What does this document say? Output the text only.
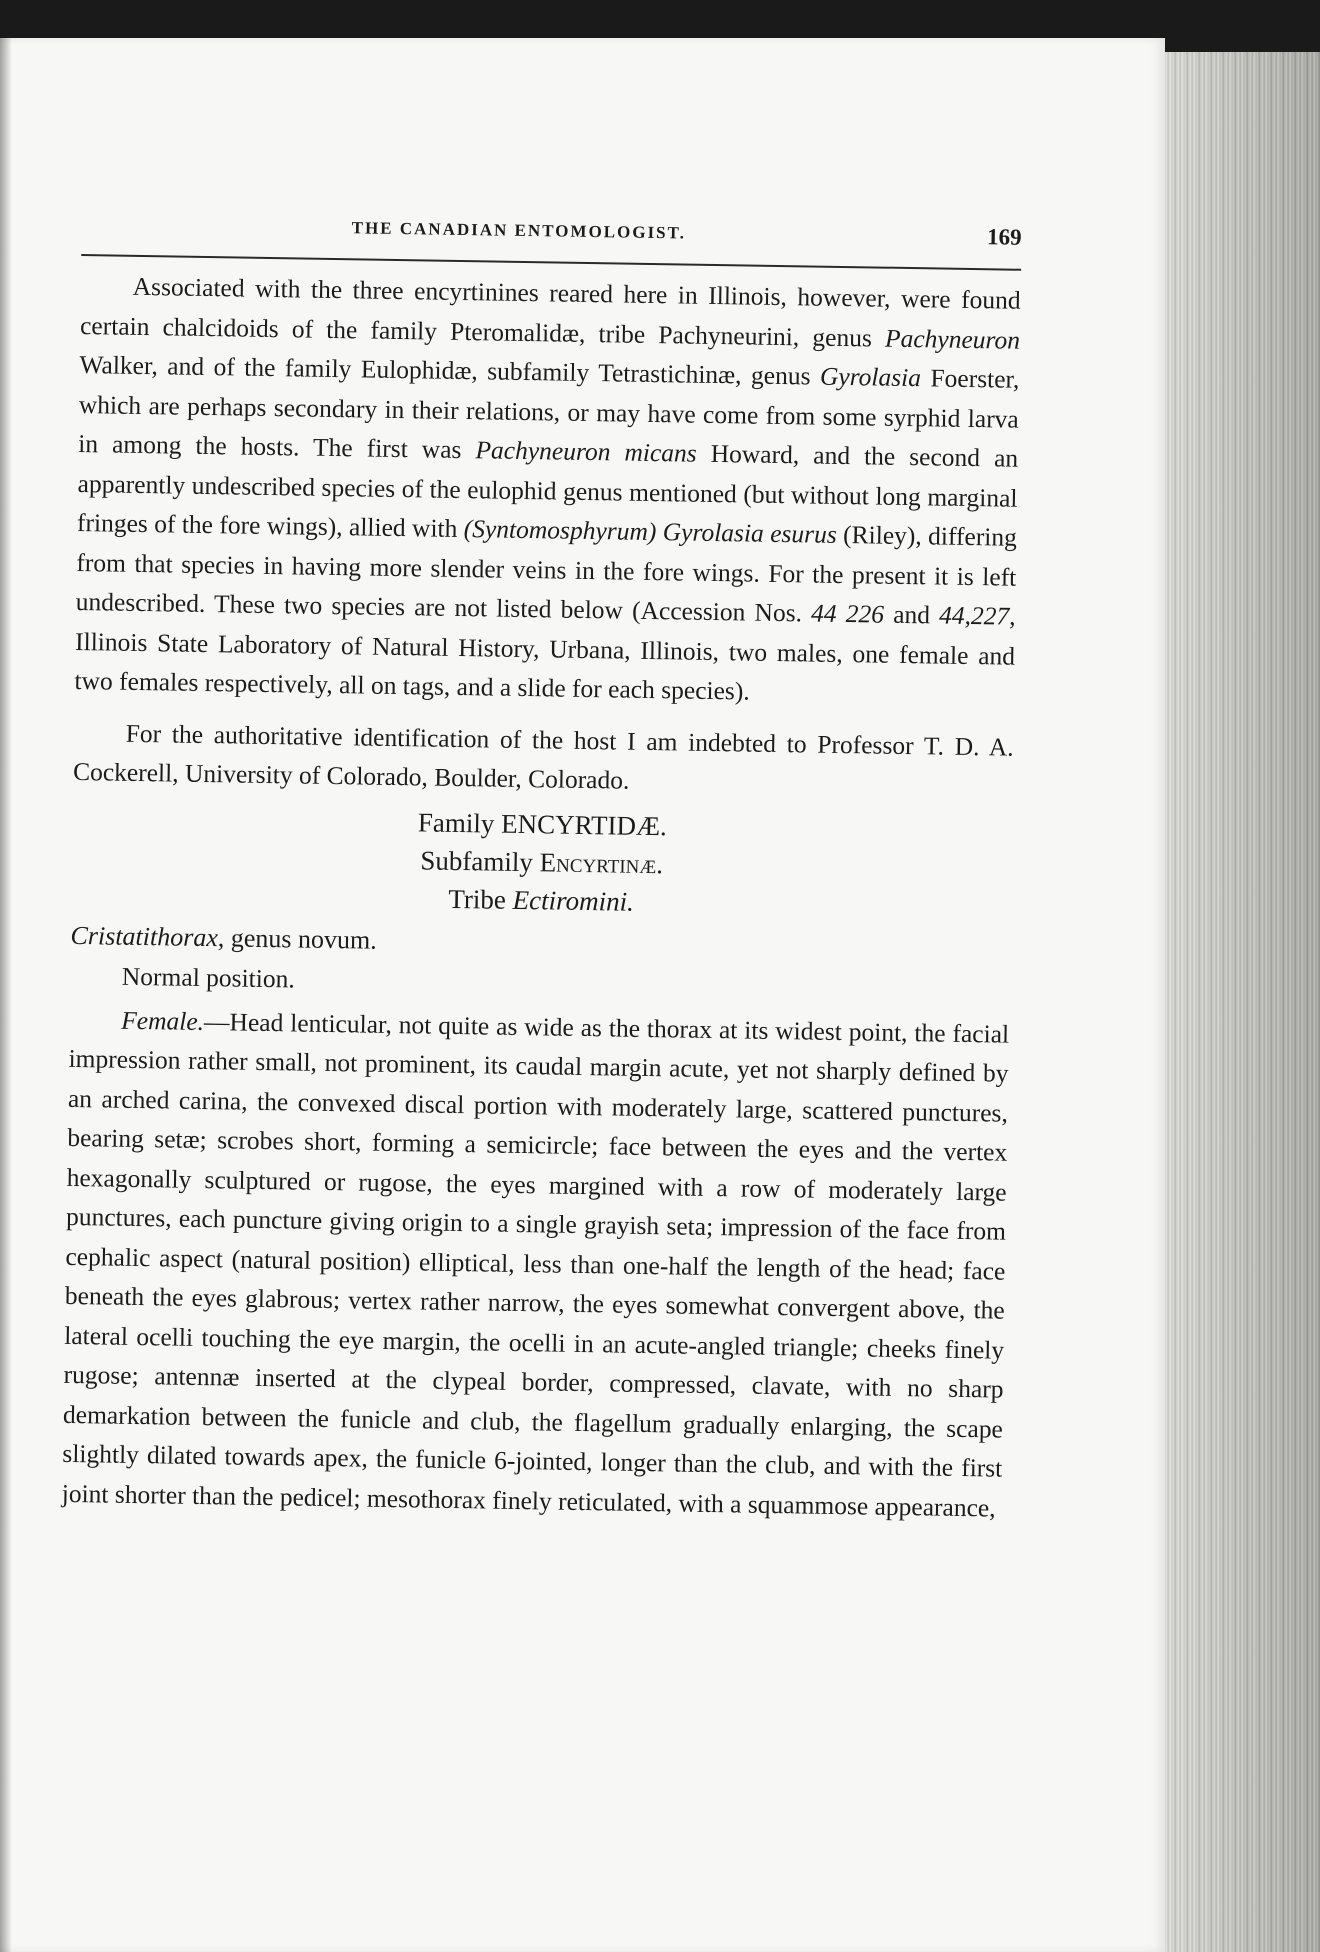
THE CANADIAN ENTOMOLOGIST.	169

Associated with the three encyrtinines reared here in Illinois, however, were found certain chalcidoids of the family Pteromalidæ, tribe Pachyneurini, genus Pachyneuron Walker, and of the family Eulophidæ, subfamily Tetrastichinæ, genus Gyrolasia Foerster, which are perhaps secondary in their relations, or may have come from some syrphid larva in among the hosts. The first was Pachyneuron micans Howard, and the second an apparently undescribed species of the eulophid genus mentioned (but without long marginal fringes of the fore wings), allied with (Syntomosphyrum) Gyrolasia esurus (Riley), differing from that species in having more slender veins in the fore wings. For the present it is left undescribed. These two species are not listed below (Accession Nos. 44 226 and 44,227, Illinois State Laboratory of Natural History, Urbana, Illinois, two males, one female and two females respectively, all on tags, and a slide for each species).

For the authoritative identification of the host I am indebted to Professor T. D. A. Cockerell, University of Colorado, Boulder, Colorado.

Family ENCYRTIDÆ.
Subfamily Encyrtinæ.
Tribe Ectiromini.
Cristatithorax, genus novum.
Normal position.

Female.—Head lenticular, not quite as wide as the thorax at its widest point, the facial impression rather small, not prominent, its caudal margin acute, yet not sharply defined by an arched carina, the convexed discal portion with moderately large, scattered punctures, bearing setæ; scrobes short, forming a semicircle; face between the eyes and the vertex hexagonally sculptured or rugose, the eyes margined with a row of moderately large punctures, each puncture giving origin to a single grayish seta; impression of the face from cephalic aspect (natural position) elliptical, less than one-half the length of the head; face beneath the eyes glabrous; vertex rather narrow, the eyes somewhat convergent above, the lateral ocelli touching the eye margin, the ocelli in an acute-angled triangle; cheeks finely rugose; antennæ inserted at the clypeal border, compressed, clavate, with no sharp demarkation between the funicle and club, the flagellum gradually enlarging, the scape slightly dilated towards apex, the funicle 6-jointed, longer than the club, and with the first joint shorter than the pedicel; mesothorax finely reticulated, with a squammose appearance,
